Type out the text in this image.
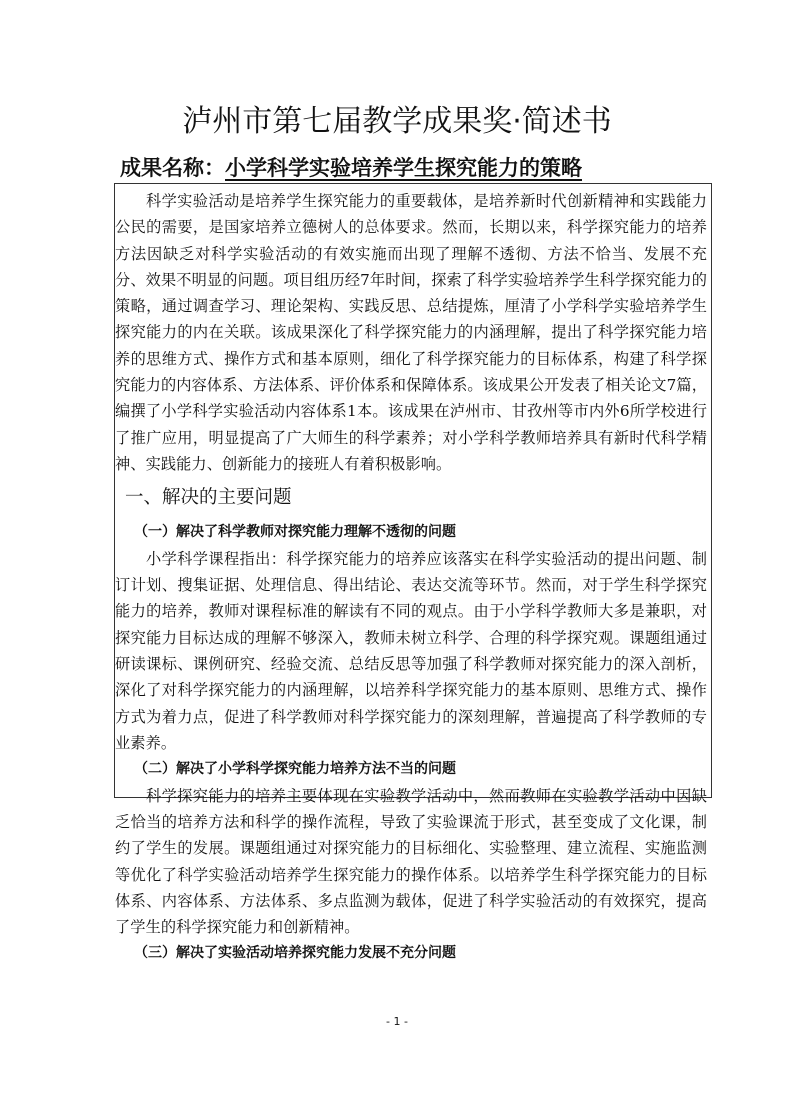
泸州市第七届教学成果奖·简述书
成果名称：小学科学实验培养学生探究能力的策略

科学实验活动是培养学生探究能力的重要载体，是培养新时代创新精神和实践能力公民的需要，是国家培养立德树人的总体要求。然而，长期以来，科学探究能力的培养方法因缺乏对科学实验活动的有效实施而出现了理解不透彻、方法不恰当、发展不充分、效果不明显的问题。项目组历经7年时间，探索了科学实验培养学生科学探究能力的策略，通过调查学习、理论架构、实践反思、总结提炼，厘清了小学科学实验培养学生探究能力的内在关联。该成果深化了科学探究能力的内涵理解，提出了科学探究能力培养的思维方式、操作方式和基本原则，细化了科学探究能力的目标体系，构建了科学探究能力的内容体系、方法体系、评价体系和保障体系。该成果公开发表了相关论文7篇，编撰了小学科学实验活动内容体系1本。该成果在泸州市、甘孜州等市内外6所学校进行了推广应用，明显提高了广大师生的科学素养；对小学科学教师培养具有新时代科学精神、实践能力、创新能力的接班人有着积极影响。

一、解决的主要问题
（一）解决了科学教师对探究能力理解不透彻的问题

小学科学课程指出：科学探究能力的培养应该落实在科学实验活动的提出问题、制订计划、搜集证据、处理信息、得出结论、表达交流等环节。然而，对于学生科学探究能力的培养，教师对课程标准的解读有不同的观点。由于小学科学教师大多是兼职，对探究能力目标达成的理解不够深入，教师未树立科学、合理的科学探究观。课题组通过研读课标、课例研究、经验交流、总结反思等加强了科学教师对探究能力的深入剖析，深化了对科学探究能力的内涵理解，以培养科学探究能力的基本原则、思维方式、操作方式为着力点，促进了科学教师对科学探究能力的深刻理解，普遍提高了科学教师的专业素养。

（二）解决了小学科学探究能力培养方法不当的问题

科学探究能力的培养主要体现在实验教学活动中，然而教师在实验教学活动中因缺乏恰当的培养方法和科学的操作流程，导致了实验课流于形式，甚至变成了文化课，制约了学生的发展。课题组通过对探究能力的目标细化、实验整理、建立流程、实施监测等优化了科学实验活动培养学生探究能力的操作体系。以培养学生科学探究能力的目标体系、内容体系、方法体系、多点监测为载体，促进了科学实验活动的有效探究，提高了学生的科学探究能力和创新精神。

（三）解决了实验活动培养探究能力发展不充分问题
- 1 -
